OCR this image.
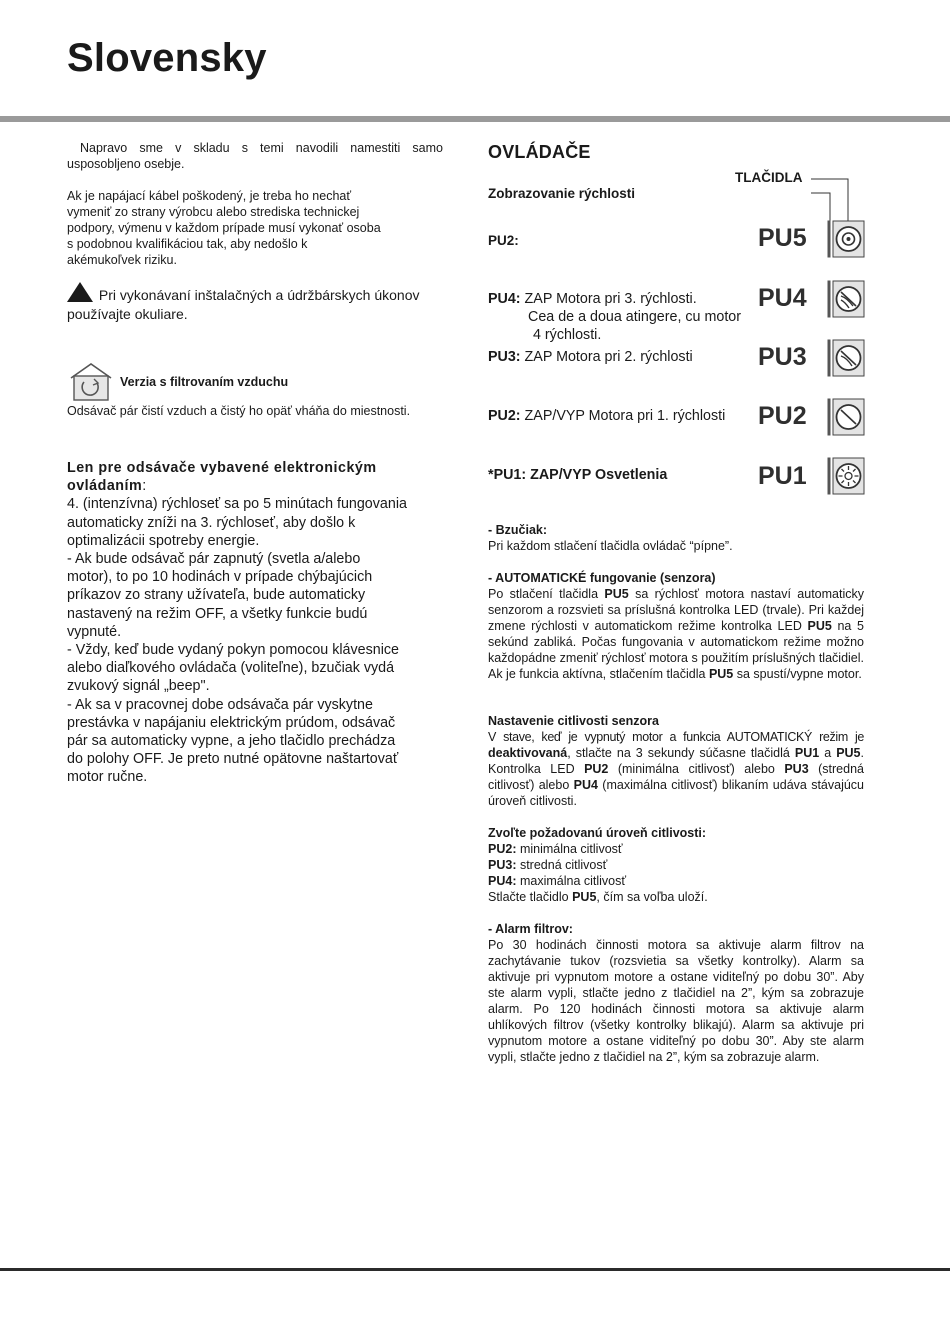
Slovensky

Napravo sme v skladu s temi navodili namestiti samo usposobljeno osebje.

Ak je napájací kábel poškodený, je treba ho nechať
vymeniť zo strany výrobcu alebo strediska technickej
podpory, výmenu v každom prípade musí vykonať osoba
s podobnou kvalifikáciou tak, aby nedošlo k
akémukoľvek riziku.

Pri vykonávaní inštalačných a údržbárskych úkonov používajte okuliare.

Verzia s filtrovaním vzduchu

Odsávač pár čistí vzduch a čistý ho opäť vháňa do miestnosti.

Len pre odsávače vybavené elektronickým ovládaním:
4. (intenzívna) rýchloseť sa po 5 minútach fungovania
automaticky zníži na 3. rýchloseť, aby došlo k
optimalizácii spotreby energie.
- Ak bude odsávač pár zapnutý (svetla a/alebo
motor), to po 10 hodinách v prípade chýbajúcich
príkazov zo strany užívateľa, bude automaticky
nastavený na režim OFF, a všetky funkcie budú
vypnuté.
- Vždy, keď bude vydaný pokyn pomocou klávesnice
alebo diaľkového ovládača (voliteľne), bzučiak vydá
zvukový signál „beep".
- Ak sa v pracovnej dobe odsávača pár vyskytne
prestávka v napájaniu elektrickým prúdom, odsávač
pár sa automaticky vypne, a jeho tlačidlo prechádza
do polohy OFF. Je preto nutné opätovne naštartovať
motor ručne.
OVLÁDAČE
TLAČIDLA
Zobrazovanie rýchlosti
PU2:
PU4: ZAP Motora pri 3. rýchlosti.
Cea de a doua atingere, cu motor
4 rýchlosti.
PU3: ZAP Motora pri 2. rýchlosti
PU2: ZAP/VYP Motora pri 1. rýchlosti
*PU1: ZAP/VYP Osvetlenia
PU5
PU4
PU3
PU2
PU1
- Bzučiak:
Pri každom stlačení tlačidla ovládač “pípne”.
- AUTOMATICKÉ fungovanie (senzora)
Po stlačení tlačidla PU5 sa rýchlosť motora nastaví automaticky senzorom a rozsvieti sa príslušná kontrolka LED (trvale). Pri každej zmene rýchlosti v automatickom režime kontrolka LED PU5 na 5 sekúnd zabliká. Počas fungovania v automatickom režime možno každopádne zmeniť rýchlosť motora s použitím príslušných tlačidiel. Ak je funkcia aktívna, stlačením tlačidla PU5 sa spustí/vypne motor.
Nastavenie citlivosti senzora
V stave, keď je vypnutý motor a funkcia AUTOMATICKÝ režim je deaktivovaná, stlačte na 3 sekundy súčasne tlačidlá PU1 a PU5. Kontrolka LED PU2 (minimálna citlivosť) alebo PU3 (stredná citlivosť) alebo PU4 (maximálna citlivosť) blikaním udáva stávajúcu úroveň citlivosti.
Zvoľte požadovanú úroveň citlivosti:
PU2: minimálna citlivosť
PU3: stredná citlivosť
PU4: maximálna citlivosť
Stlačte tlačidlo PU5, čím sa voľba uloží.
- Alarm filtrov:
Po 30 hodinách činnosti motora sa aktivuje alarm filtrov na zachytávanie tukov (rozsvietia sa všetky kontrolky). Alarm sa aktivuje pri vypnutom motore a ostane viditeľný po dobu 30”. Aby ste alarm vypli, stlačte jedno z tlačidiel na 2”, kým sa zobrazuje alarm. Po 120 hodinách činnosti motora sa aktivuje alarm uhlíkových filtrov (všetky kontrolky blikajú). Alarm sa aktivuje pri vypnutom motore a ostane viditeľný po dobu 30”. Aby ste alarm vypli, stlačte jedno z tlačidiel na 2”, kým sa zobrazuje alarm.
